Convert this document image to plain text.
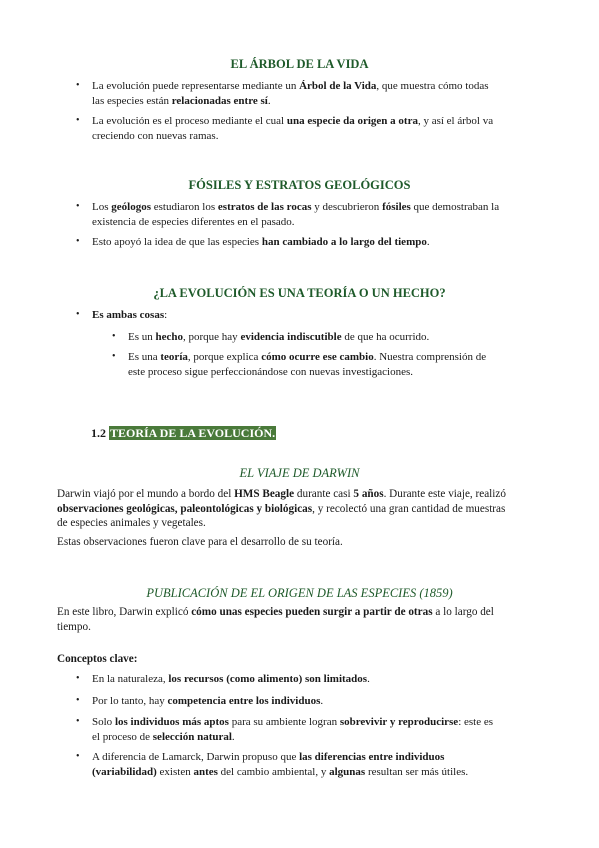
EL ÁRBOL DE LA VIDA
• La evolución puede representarse mediante un Árbol de la Vida, que muestra cómo todas
las especies están relacionadas entre sí.
• La evolución es el proceso mediante el cual una especie da origen a otra, y así el árbol va
creciendo con nuevas ramas.
FÓSILES Y ESTRATOS GEOLÓGICOS
• Los geólogos estudiaron los estratos de las rocas y descubrieron fósiles que demostraban la
existencia de especies diferentes en el pasado.
• Esto apoyó la idea de que las especies han cambiado a lo largo del tiempo.
¿LA EVOLUCIÓN ES UNA TEORÍA O UN HECHO?
• Es ambas cosas:
• Es un hecho, porque hay evidencia indiscutible de que ha ocurrido.
• Es una teoría, porque explica cómo ocurre ese cambio. Nuestra comprensión de
este proceso sigue perfeccionándose con nuevas investigaciones.
1.2 TEORÍA DE LA EVOLUCIÓN.
EL VIAJE DE DARWIN
Darwin viajó por el mundo a bordo del HMS Beagle durante casi 5 años. Durante este viaje, realizó
observaciones geológicas, paleontológicas y biológicas, y recolectó una gran cantidad de muestras
de especies animales y vegetales.
Estas observaciones fueron clave para el desarrollo de su teoría.
PUBLICACIÓN DE EL ORIGEN DE LAS ESPECIES (1859)
En este libro, Darwin explicó cómo unas especies pueden surgir a partir de otras a lo largo del
tiempo.
Conceptos clave:
• En la naturaleza, los recursos (como alimento) son limitados.
• Por lo tanto, hay competencia entre los individuos.
• Solo los individuos más aptos para su ambiente logran sobrevivir y reproducirse: este es
el proceso de selección natural.
• A diferencia de Lamarck, Darwin propuso que las diferencias entre individuos
(variabilidad) existen antes del cambio ambiental, y algunas resultan ser más útiles.
